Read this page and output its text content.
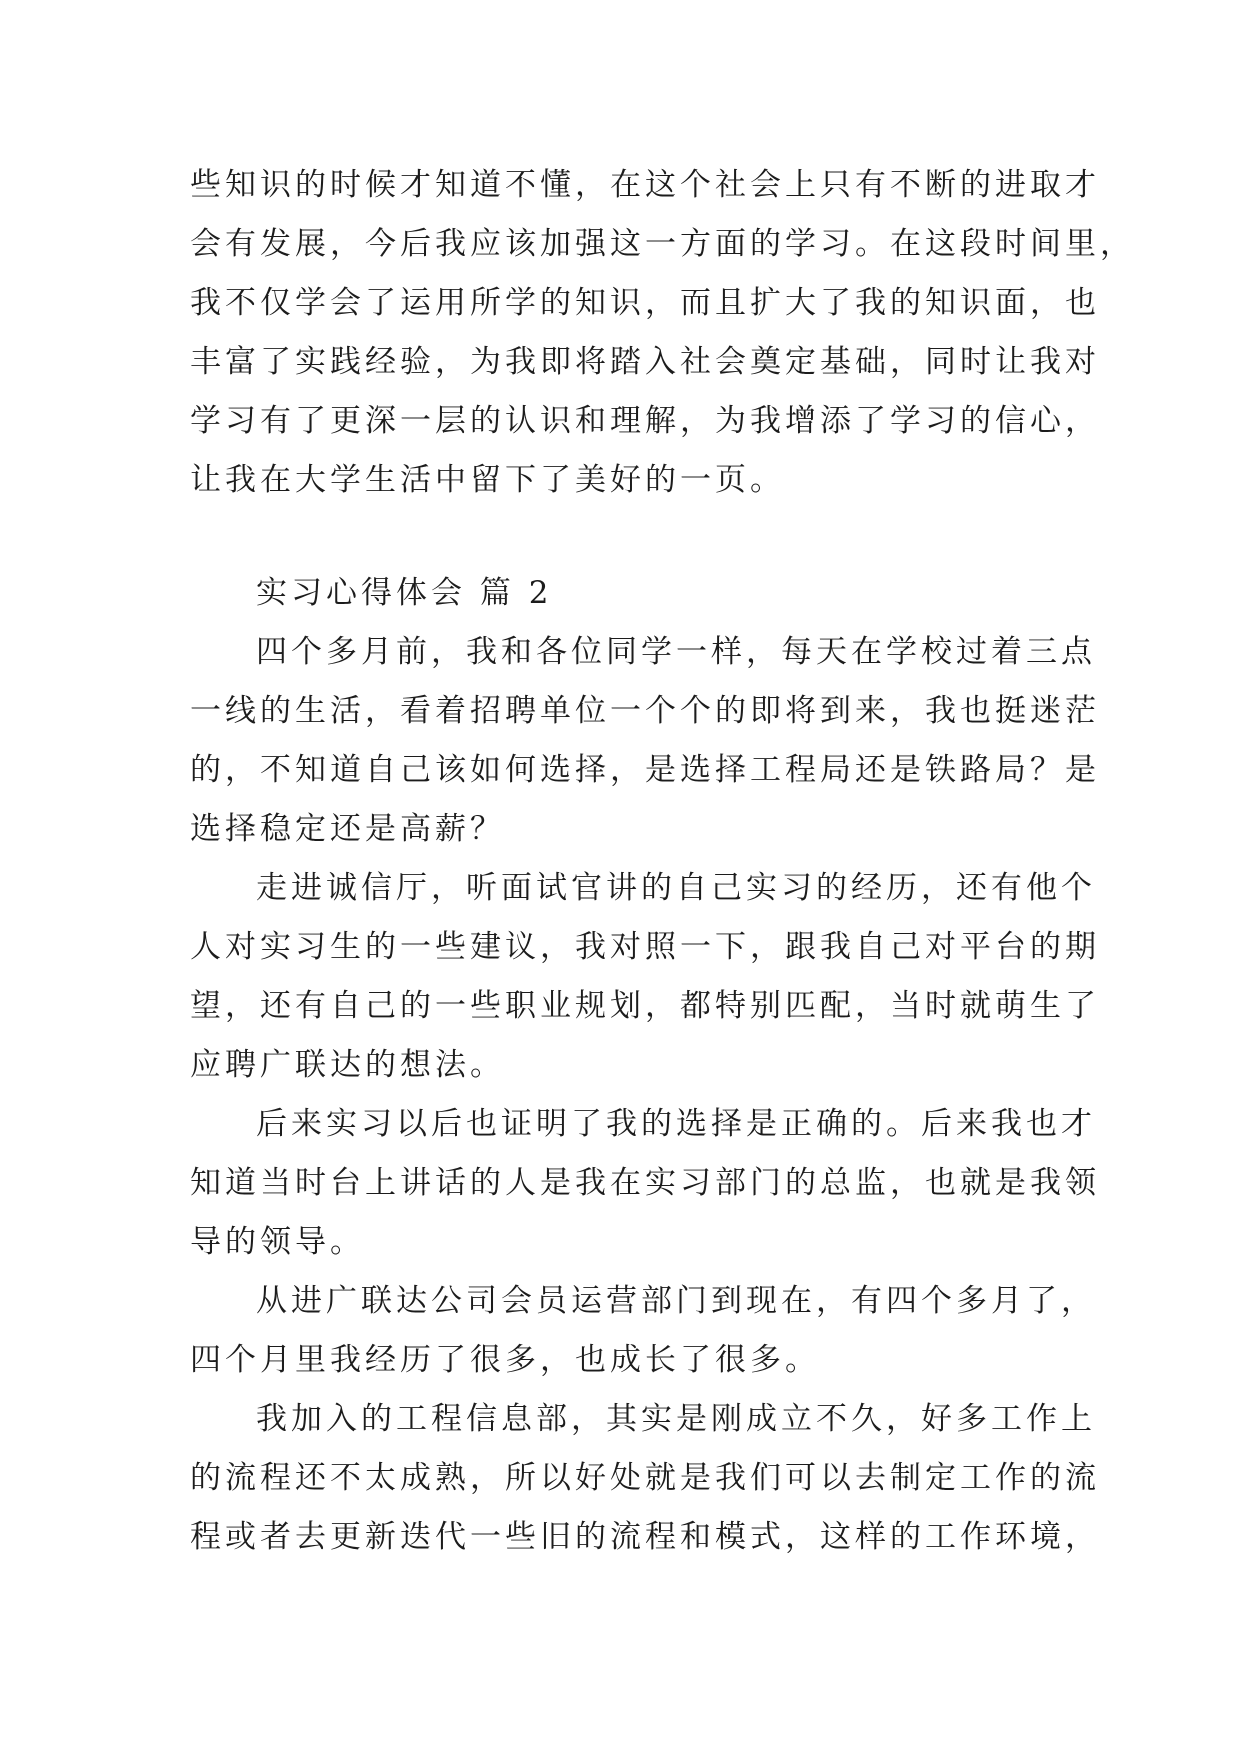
些知识的时候才知道不懂，在这个社会上只有不断的进取才
会有发展，今后我应该加强这一方面的学习。在这段时间里，
我不仅学会了运用所学的知识，而且扩大了我的知识面，也
丰富了实践经验，为我即将踏入社会奠定基础，同时让我对
学习有了更深一层的认识和理解，为我增添了学习的信心，
让我在大学生活中留下了美好的一页。
实习心得体会 篇 2
四个多月前，我和各位同学一样，每天在学校过着三点
一线的生活，看着招聘单位一个个的即将到来，我也挺迷茫
的，不知道自己该如何选择，是选择工程局还是铁路局？是
选择稳定还是高薪？
走进诚信厅，听面试官讲的自己实习的经历，还有他个
人对实习生的一些建议，我对照一下，跟我自己对平台的期
望，还有自己的一些职业规划，都特别匹配，当时就萌生了
应聘广联达的想法。
后来实习以后也证明了我的选择是正确的。后来我也才
知道当时台上讲话的人是我在实习部门的总监，也就是我领
导的领导。
从进广联达公司会员运营部门到现在，有四个多月了，
四个月里我经历了很多，也成长了很多。
我加入的工程信息部，其实是刚成立不久，好多工作上
的流程还不太成熟，所以好处就是我们可以去制定工作的流
程或者去更新迭代一些旧的流程和模式，这样的工作环境，
